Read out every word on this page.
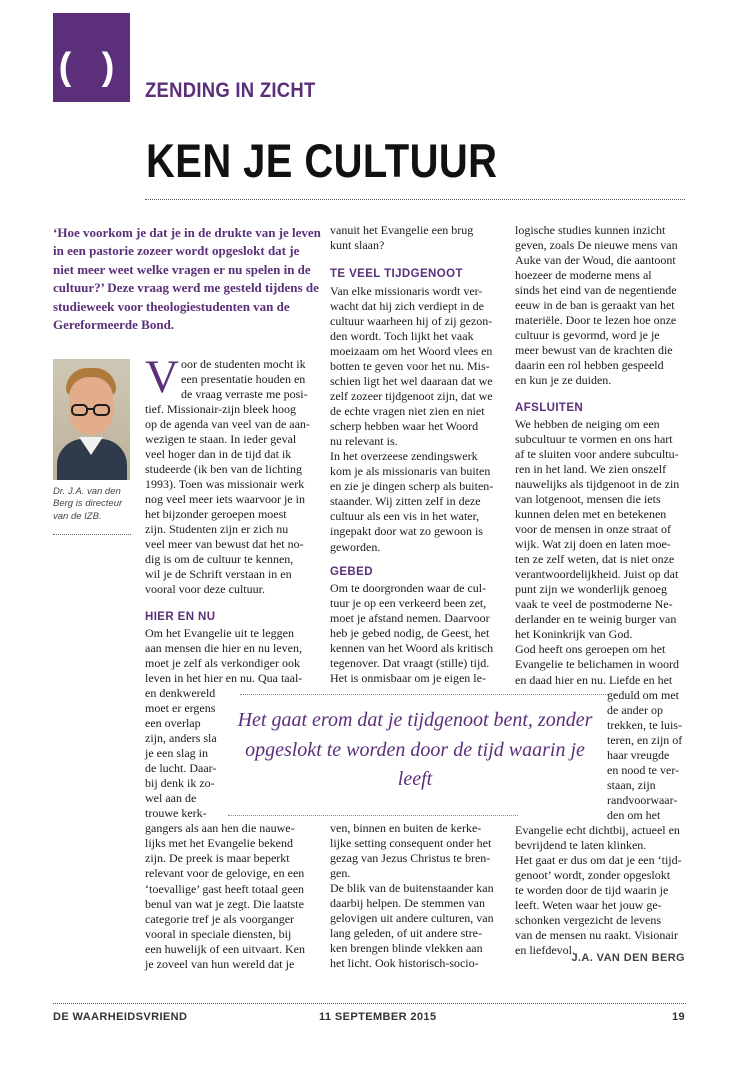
( )
ZENDING IN ZICHT
KEN JE CULTUUR
‘Hoe voorkom je dat je in de drukte van je leven in een pastorie zozeer wordt opgeslokt dat je niet meer weet welke vragen er nu spelen in de cultuur?’ Deze vraag werd me gesteld tijdens de studieweek voor theologiestudenten van de Gereformeerde Bond.
Dr. J.A. van den Berg is directeur van de IZB.
V oor de studenten mocht ik
een presentatie houden en
de vraag verraste me posi-
tief. Missionair-zijn bleek hoog
op de agenda van veel van de aan-
wezigen te staan. In ieder geval
veel hoger dan in de tijd dat ik
studeerde (ik ben van de lichting
1993). Toen was missionair werk
nog veel meer iets waarvoor je in
het bijzonder geroepen moest
zijn. Studenten zijn er zich nu
veel meer van bewust dat het no-
dig is om de cultuur te kennen,
wil je de Schrift verstaan in en
vooral voor deze cultuur.
HIER EN NU
Om het Evangelie uit te leggen
aan mensen die hier en nu leven,
moet je zelf als verkondiger ook
leven in het hier en nu. Qua taal-
en denkwereld
moet er ergens
een overlap
zijn, anders sla
je een slag in
de lucht. Daar-
bij denk ik zo-
wel aan de
trouwe kerk-
gangers als aan hen die nauwe-
lijks met het Evangelie bekend
zijn. De preek is maar beperkt
relevant voor de gelovige, en een
‘toevallige’ gast heeft totaal geen
benul van wat je zegt. Die laatste
categorie tref je als voorganger
vooral in speciale diensten, bij
een huwelijk of een uitvaart. Ken
je zoveel van hun wereld dat je
vanuit het Evangelie een brug
kunt slaan?
TE VEEL TIJDGENOOT
Van elke missionaris wordt ver-
wacht dat hij zich verdiept in de
cultuur waarheen hij of zij gezon-
den wordt. Toch lijkt het vaak
moeizaam om het Woord vlees en
botten te geven voor het nu. Mis-
schien ligt het wel daaraan dat we
zelf zozeer tijdgenoot zijn, dat we
de echte vragen niet zien en niet
scherp hebben waar het Woord
nu relevant is.
In het overzeese zendingswerk
kom je als missionaris van buiten
en zie je dingen scherp als buiten-
staander. Wij zitten zelf in deze
cultuur als een vis in het water,
ingepakt door wat zo gewoon is
geworden.
GEBED
Om te doorgronden waar de cul-
tuur je op een verkeerd been zet,
moet je afstand nemen. Daarvoor
heb je gebed nodig, de Geest, het
kennen van het Woord als kritisch
tegenover. Dat vraagt (stille) tijd.
Het is onmisbaar om je eigen le-
ven, binnen en buiten de kerke-
lijke setting consequent onder het
gezag van Jezus Christus te bren-
gen.
De blik van de buitenstaander kan
daarbij helpen. De stemmen van
gelovigen uit andere culturen, van
lang geleden, of uit andere stre-
ken brengen blinde vlekken aan
het licht. Ook historisch-socio-
logische studies kunnen inzicht
geven, zoals De nieuwe mens van
Auke van der Woud, die aantoont
hoezeer de moderne mens al
sinds het eind van de negentiende
eeuw in de ban is geraakt van het
materiële. Door te lezen hoe onze
cultuur is gevormd, word je je
meer bewust van de krachten die
daarin een rol hebben gespeeld
en kun je ze duiden.
AFSLUITEN
We hebben de neiging om een
subcultuur te vormen en ons hart
af te sluiten voor andere subcultu-
ren in het land. We zien onszelf
nauwelijks als tijdgenoot in de zin
van lotgenoot, mensen die iets
kunnen delen met en betekenen
voor de mensen in onze straat of
wijk. Wat zij doen en laten moe-
ten ze zelf weten, dat is niet onze
verantwoordelijkheid. Juist op dat
punt zijn we wonderlijk genoeg
vaak te veel de postmoderne Ne-
derlander en te weinig burger van
het Koninkrijk van God.
God heeft ons geroepen om het
Evangelie te belichamen in woord
en daad hier en nu. Liefde en het
geduld om met
de ander op
trekken, te luis-
teren, en zijn of
haar vreugde
en nood te ver-
staan, zijn
randvoorwaar-
den om het
Evangelie echt dichtbij, actueel en
bevrijdend te laten klinken.
Het gaat er dus om dat je een ‘tijd-
genoot’ wordt, zonder opgeslokt
te worden door de tijd waarin je
leeft. Weten waar het jouw ge-
schonken vergezicht de levens
van de mensen nu raakt. Visionair
en liefdevol.
Het gaat erom dat je tijdgenoot bent, zonder opgeslokt te worden door de tijd waarin je leeft
J.A. VAN DEN BERG
DE WAARHEIDSVRIEND	11 SEPTEMBER 2015	19
